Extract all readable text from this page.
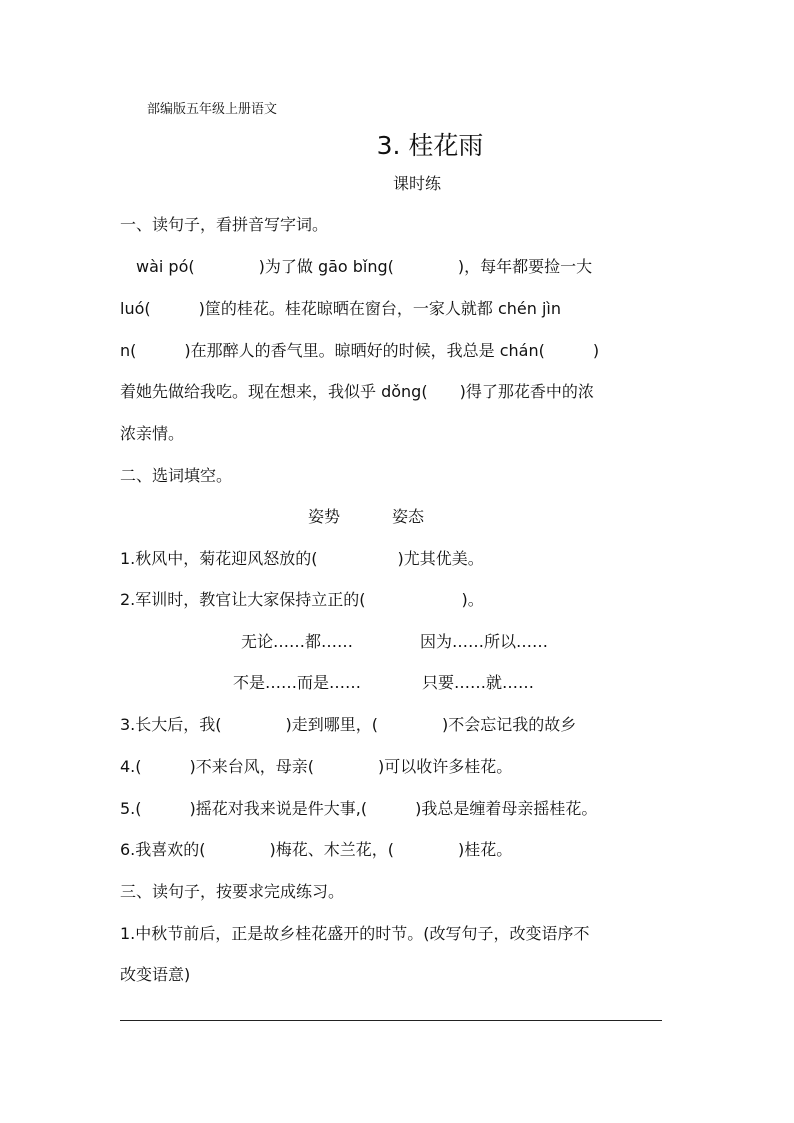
部编版五年级上册语文
3. 桂花雨
课时练
一、读句子，看拼音写字词。
　wài pó(　　　　)为了做 gāo bǐng(　　　　)，每年都要捡一大
luó(　　　)筐的桂花。桂花晾晒在窗台，一家人就都 chén jìn
n(　　　)在那醉人的香气里。晾晒好的时候，我总是 chán(　　　)
着她先做给我吃。现在想来，我似乎 dǒng(　　)得了那花香中的浓
浓亲情。
二、选词填空。
姿势	姿态
1.秋风中，菊花迎风怒放的(　　　　　)尤其优美。
2.军训时，教官让大家保持立正的(　　　　　　)。
无论……都……	因为……所以……
不是……而是……	只要……就……
3.长大后，我(　　　　)走到哪里，(　　　　)不会忘记我的故乡
4.(　　　)不来台风，母亲(　　　　)可以收许多桂花。
5.(　　　)摇花对我来说是件大事,(　　　)我总是缠着母亲摇桂花。
6.我喜欢的(　　　　)梅花、木兰花，(　　　　)桂花。
三、读句子，按要求完成练习。
1.中秋节前后，正是故乡桂花盛开的时节。(改写句子，改变语序不
改变语意)
